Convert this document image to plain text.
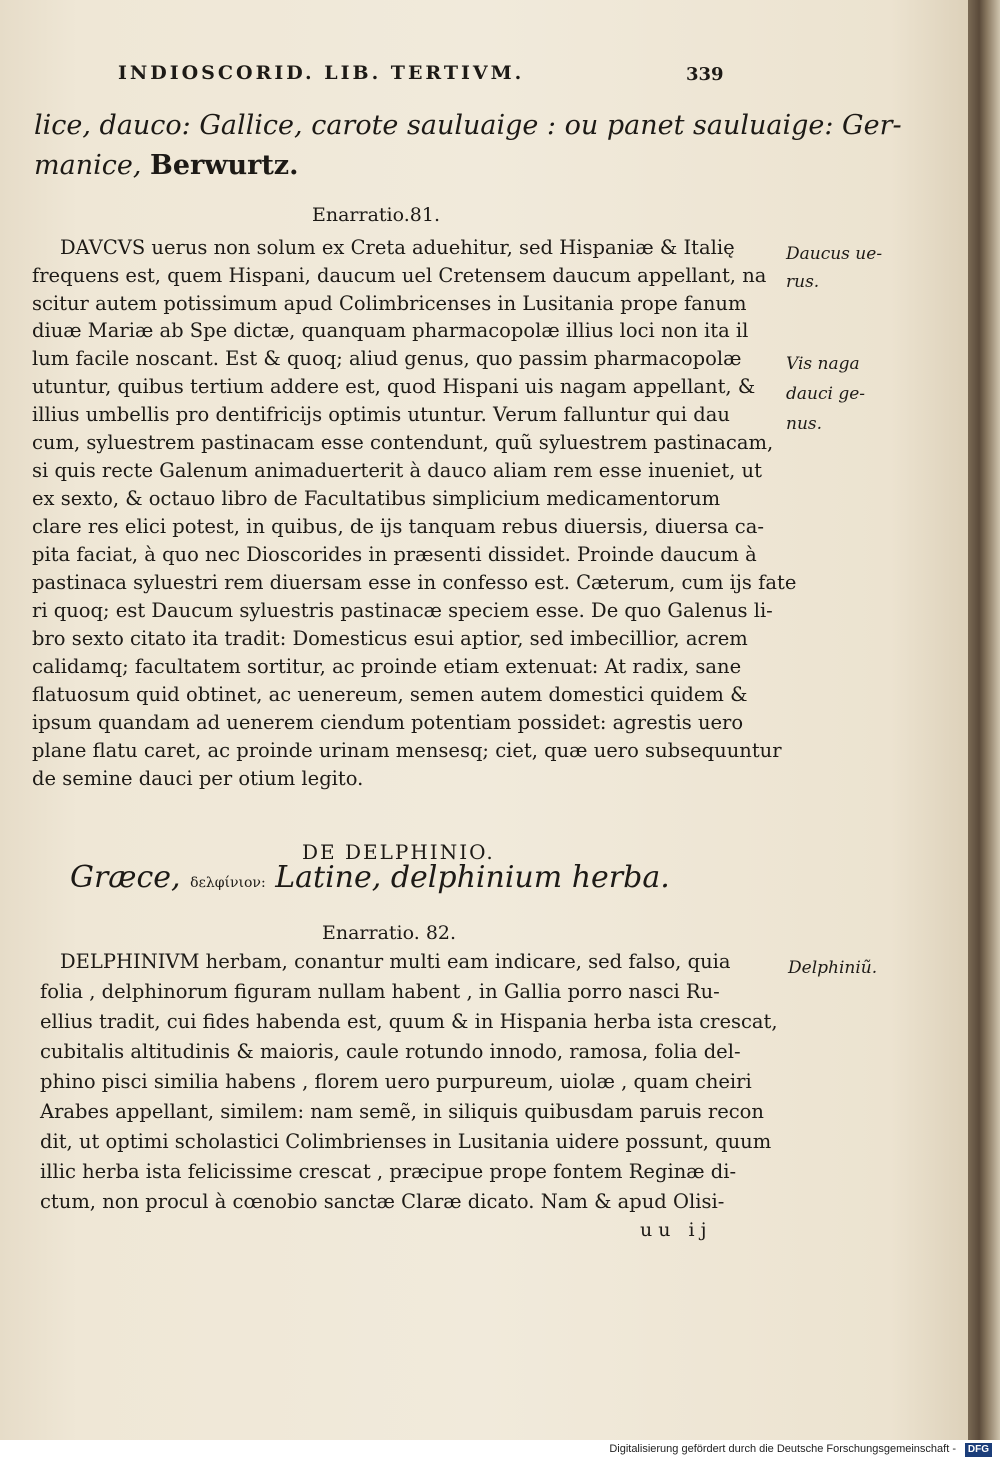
INDIOSCORID. LIB. TERTIVM.	339
lice, dauco: Gallice, carote sauluaige : ou panet sauluaige: Ger-
manice, Berwurtz.
Enarratio.81.
DAVCVS uerus non solum ex Creta aduehitur, sed Hispaniæ & Italię
frequens est, quem Hispani, daucum uel Cretensem daucum appellant, na
scitur autem potissimum apud Colimbricenses in Lusitania prope fanum
diuæ Mariæ ab Spe dictæ, quanquam pharmacopolæ illius loci non ita il
lum facile noscant. Est & quoq; aliud genus, quo passim pharmacopolæ
utuntur, quibus tertium addere est, quod Hispani uis nagam appellant, &
illius umbellis pro dentifricijs optimis utuntur. Verum falluntur qui dau
cum, syluestrem pastinacam esse contendunt, quũ syluestrem pastinacam,
si quis recte Galenum animaduerterit à dauco aliam rem esse inueniet, ut
ex sexto, & octauo libro de Facultatibus simplicium medicamentorum
clare res elici potest, in quibus, de ijs tanquam rebus diuersis, diuersa ca-
pita faciat, à quo nec Dioscorides in præsenti dissidet. Proinde daucum à
pastinaca syluestri rem diuersam esse in confesso est. Cæterum, cum ijs fate
ri quoq; est Daucum syluestris pastinacæ speciem esse. De quo Galenus li-
bro sexto citato ita tradit: Domesticus esui aptior, sed imbecillior, acrem
calidamq; facultatem sortitur, ac proinde etiam extenuat: At radix, sane
flatuosum quid obtinet, ac uenereum, semen autem domestici quidem &
ipsum quandam ad uenerem ciendum potentiam possidet: agrestis uero
plane flatu caret, ac proinde urinam mensesq; ciet, quæ uero subsequuntur
de semine dauci per otium legito.
Daucus ue-
rus.
Vis naga
dauci ge-
nus.
DE DELPHINIO.
Græce, δελφίνιον: Latine, delphinium herba.
Enarratio. 82.
DELPHINIVM herbam, conantur multi eam indicare, sed falso, quia
folia , delphinorum figuram nullam habent , in Gallia porro nasci Ru-
ellius tradit, cui fides habenda est, quum & in Hispania herba ista crescat,
cubitalis altitudinis & maioris, caule rotundo innodo, ramosa, folia del-
phino pisci similia habens , florem uero purpureum, uiolæ , quam cheiri
Arabes appellant, similem: nam semẽ, in siliquis quibusdam paruis recon
dit, ut optimi scholastici Colimbrienses in Lusitania uidere possunt, quum
illic herba ista felicissime crescat , præcipue prope fontem Reginæ di-
ctum, non procul à cœnobio sanctæ Claræ dicato. Nam & apud Olisi-
Delphiniũ.
uu ij
Digitalisierung gefördert durch die Deutsche Forschungsgemeinschaft -	DFG
